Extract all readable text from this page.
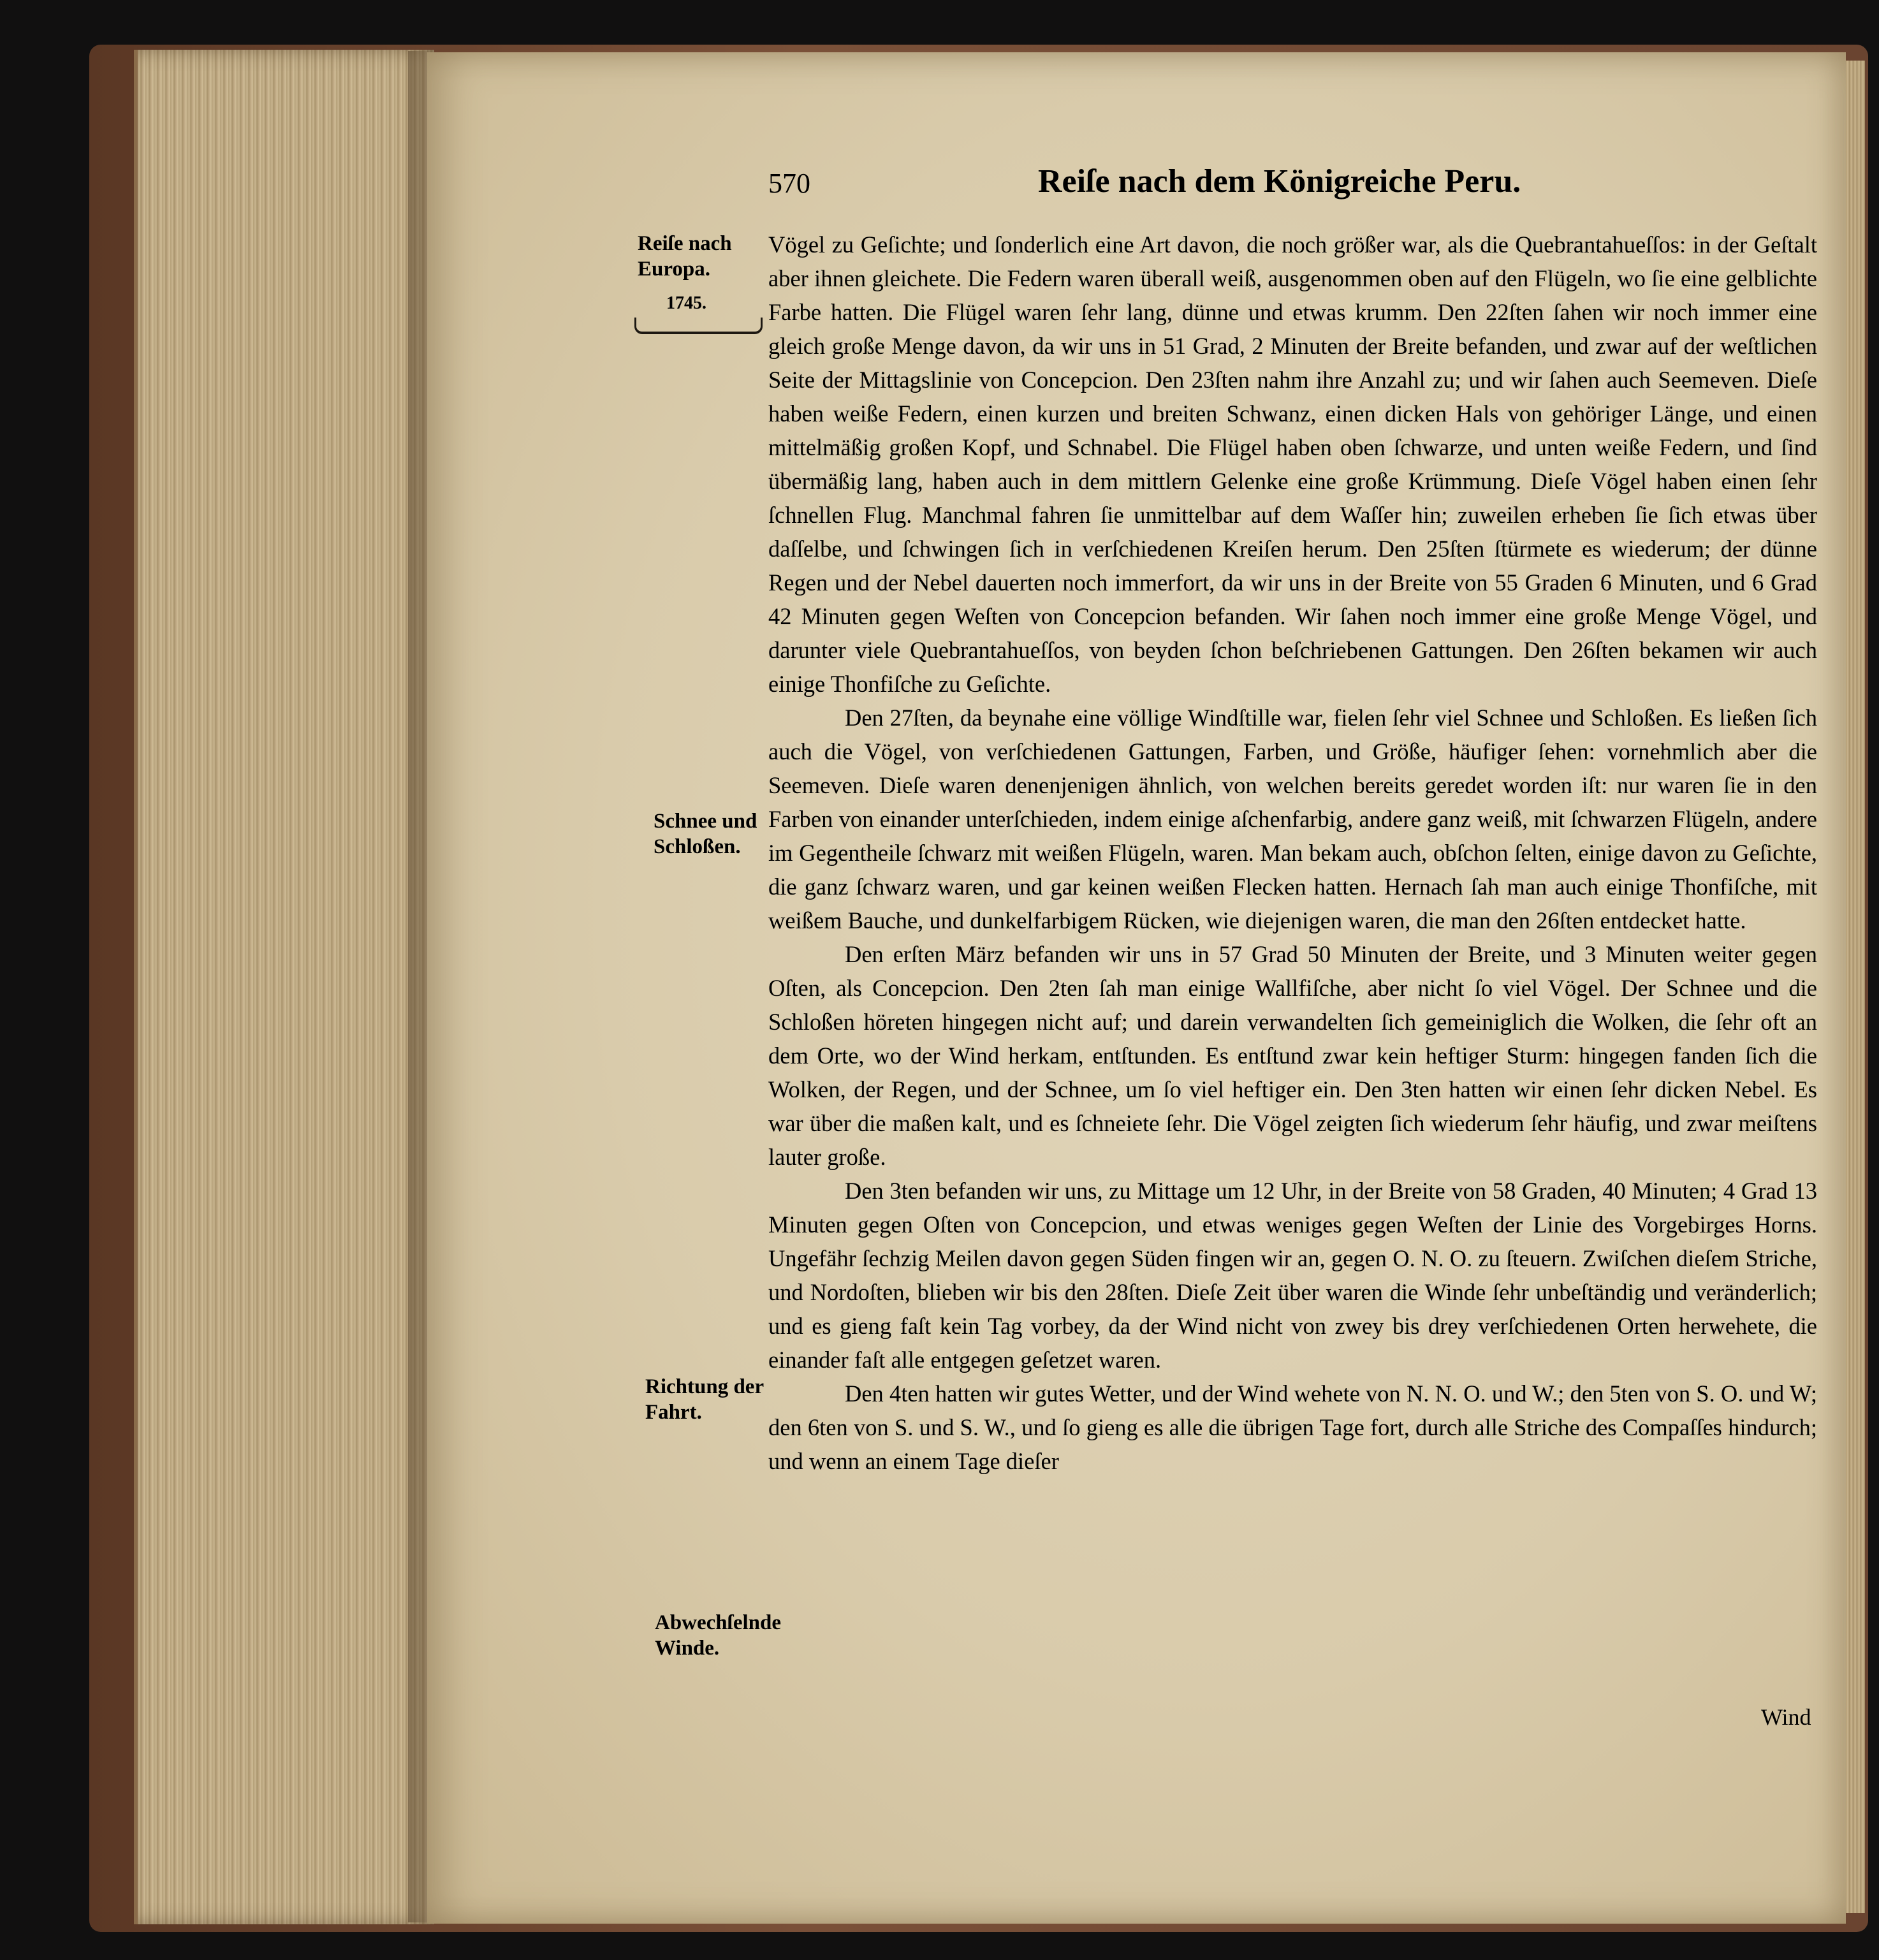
570	Reiſe nach dem Königreiche Peru.
Reiſe nach
Europa.
1745.
Schnee und
Schloßen.
Richtung der
Fahrt.
Abwechſelnde
Winde.

Vögel zu Geſichte; und ſonderlich eine Art davon, die noch größer war, als die Quebrantahueſſos: in der Geſtalt aber ihnen gleichete. Die Federn waren überall weiß, ausgenommen oben auf den Flügeln, wo ſie eine gelblichte Farbe hatten. Die Flügel waren ſehr lang, dünne und etwas krumm. Den 22ſten ſahen wir noch immer eine gleich große Menge davon, da wir uns in 51 Grad, 2 Minuten der Breite befanden, und zwar auf der weſtlichen Seite der Mittagslinie von Concepcion. Den 23ſten nahm ihre Anzahl zu; und wir ſahen auch Seemeven. Dieſe haben weiße Federn, einen kurzen und breiten Schwanz, einen dicken Hals von gehöriger Länge, und einen mittelmäßig großen Kopf, und Schnabel. Die Flügel haben oben ſchwarze, und unten weiße Federn, und ſind übermäßig lang, haben auch in dem mittlern Gelenke eine große Krümmung. Dieſe Vögel haben einen ſehr ſchnellen Flug. Manchmal fahren ſie unmittelbar auf dem Waſſer hin; zuweilen erheben ſie ſich etwas über daſſelbe, und ſchwingen ſich in verſchiedenen Kreiſen herum. Den 25ſten ſtürmete es wiederum; der dünne Regen und der Nebel dauerten noch immerfort, da wir uns in der Breite von 55 Graden 6 Minuten, und 6 Grad 42 Minuten gegen Weſten von Concepcion befanden. Wir ſahen noch immer eine große Menge Vögel, und darunter viele Quebrantahueſſos, von beyden ſchon beſchriebenen Gattungen. Den 26ſten bekamen wir auch einige Thonfiſche zu Geſichte.

Den 27ſten, da beynahe eine völlige Windſtille war, fielen ſehr viel Schnee und Schloßen. Es ließen ſich auch die Vögel, von verſchiedenen Gattungen, Farben, und Größe, häufiger ſehen: vornehmlich aber die Seemeven. Dieſe waren denenjenigen ähnlich, von welchen bereits geredet worden iſt: nur waren ſie in den Farben von einander unterſchieden, indem einige aſchenfarbig, andere ganz weiß, mit ſchwarzen Flügeln, andere im Gegentheile ſchwarz mit weißen Flügeln, waren. Man bekam auch, obſchon ſelten, einige davon zu Geſichte, die ganz ſchwarz waren, und gar keinen weißen Flecken hatten. Hernach ſah man auch einige Thonfiſche, mit weißem Bauche, und dunkelfarbigem Rücken, wie diejenigen waren, die man den 26ſten entdecket hatte.

Den erſten März befanden wir uns in 57 Grad 50 Minuten der Breite, und 3 Minuten weiter gegen Oſten, als Concepcion. Den 2ten ſah man einige Wallfiſche, aber nicht ſo viel Vögel. Der Schnee und die Schloßen höreten hingegen nicht auf; und darein verwandelten ſich gemeiniglich die Wolken, die ſehr oft an dem Orte, wo der Wind herkam, entſtunden. Es entſtund zwar kein heftiger Sturm: hingegen fanden ſich die Wolken, der Regen, und der Schnee, um ſo viel heftiger ein. Den 3ten hatten wir einen ſehr dicken Nebel. Es war über die maßen kalt, und es ſchneiete ſehr. Die Vögel zeigten ſich wiederum ſehr häufig, und zwar meiſtens lauter große.

Den 3ten befanden wir uns, zu Mittage um 12 Uhr, in der Breite von 58 Graden, 40 Minuten; 4 Grad 13 Minuten gegen Oſten von Concepcion, und etwas weniges gegen Weſten der Linie des Vorgebirges Horns. Ungefähr ſechzig Meilen davon gegen Süden fingen wir an, gegen O. N. O. zu ſteuern. Zwiſchen dieſem Striche, und Nordoſten, blieben wir bis den 28ſten. Dieſe Zeit über waren die Winde ſehr unbeſtändig und veränderlich; und es gieng faſt kein Tag vorbey, da der Wind nicht von zwey bis drey verſchiedenen Orten herwehete, die einander faſt alle entgegen geſetzet waren.

Den 4ten hatten wir gutes Wetter, und der Wind wehete von N. N. O. und W.; den 5ten von S. O. und W; den 6ten von S. und S. W., und ſo gieng es alle die übrigen Tage fort, durch alle Striche des Compaſſes hindurch; und wenn an einem Tage dieſer

Wind
